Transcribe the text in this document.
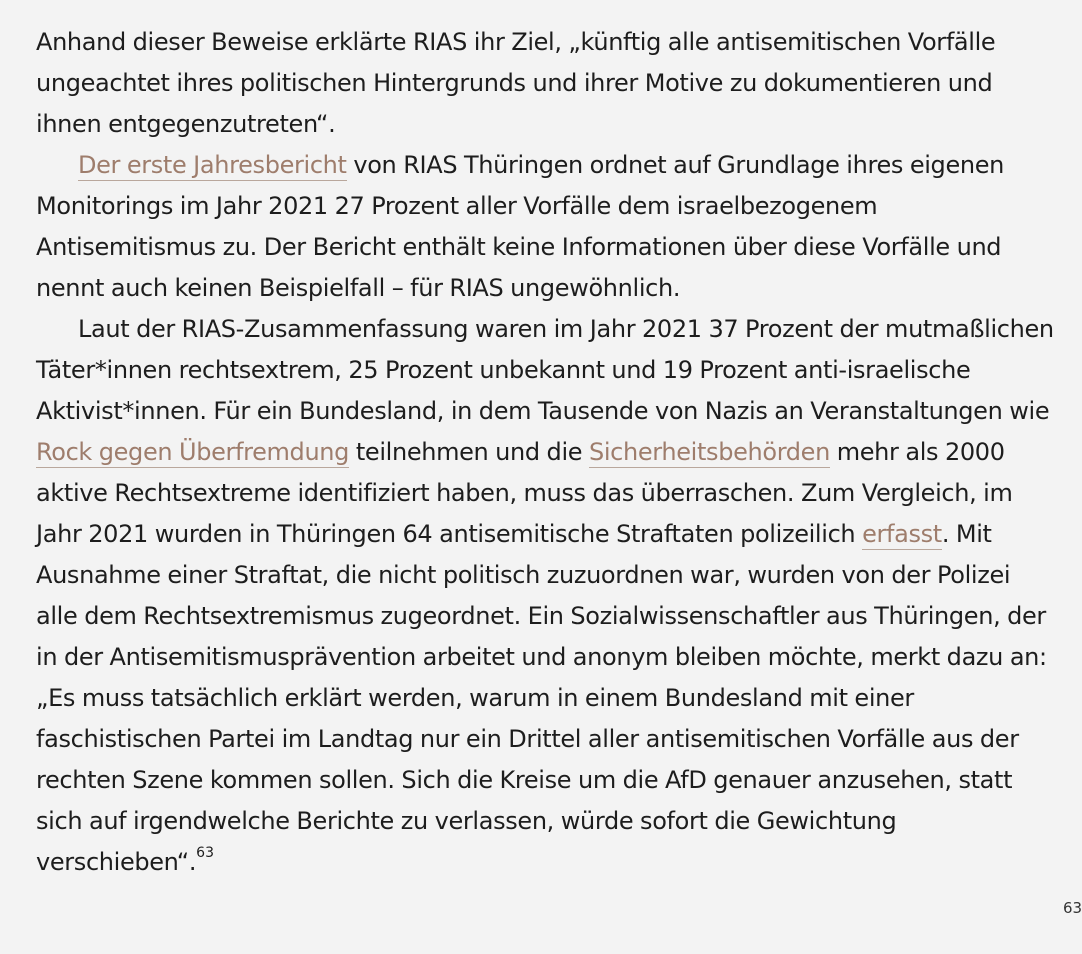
Anhand dieser Beweise erklärte RIAS ihr Ziel, „künftig alle antisemitischen Vorfälle ungeachtet ihres politischen Hintergrunds und ihrer Motive zu dokumentieren und ihnen entgegenzutreten“.

Der erste Jahresbericht von RIAS Thüringen ordnet auf Grundlage ihres eigenen Monitorings im Jahr 2021 27 Prozent aller Vorfälle dem israelbezogenem Antisemitismus zu. Der Bericht enthält keine Informationen über diese Vorfälle und nennt auch keinen Beispielfall – für RIAS ungewöhnlich.

Laut der RIAS-Zusammenfassung waren im Jahr 2021 37 Prozent der mutmaßlichen Täter*innen rechtsextrem, 25 Prozent unbekannt und 19 Prozent anti-israelische Aktivist*innen. Für ein Bundesland, in dem Tausende von Nazis an Veranstaltungen wie Rock gegen Überfremdung teilnehmen und die Sicherheitsbehörden mehr als 2000 aktive Rechtsextreme identifiziert haben, muss das überraschen. Zum Vergleich, im Jahr 2021 wurden in Thüringen 64 antisemitische Straftaten polizeilich erfasst. Mit Ausnahme einer Straftat, die nicht politisch zuzuordnen war, wurden von der Polizei alle dem Rechtsextremismus zugeordnet. Ein Sozialwissenschaftler aus Thüringen, der in der Antisemitismusprävention arbeitet und anonym bleiben möchte, merkt dazu an: „Es muss tatsächlich erklärt werden, warum in einem Bundesland mit einer faschistischen Partei im Landtag nur ein Drittel aller antisemitischen Vorfälle aus der rechten Szene kommen sollen. Sich die Kreise um die AfD genauer anzusehen, statt sich auf irgendwelche Berichte zu verlassen, würde sofort die Gewichtung verschieben“.$^{63}$

63
